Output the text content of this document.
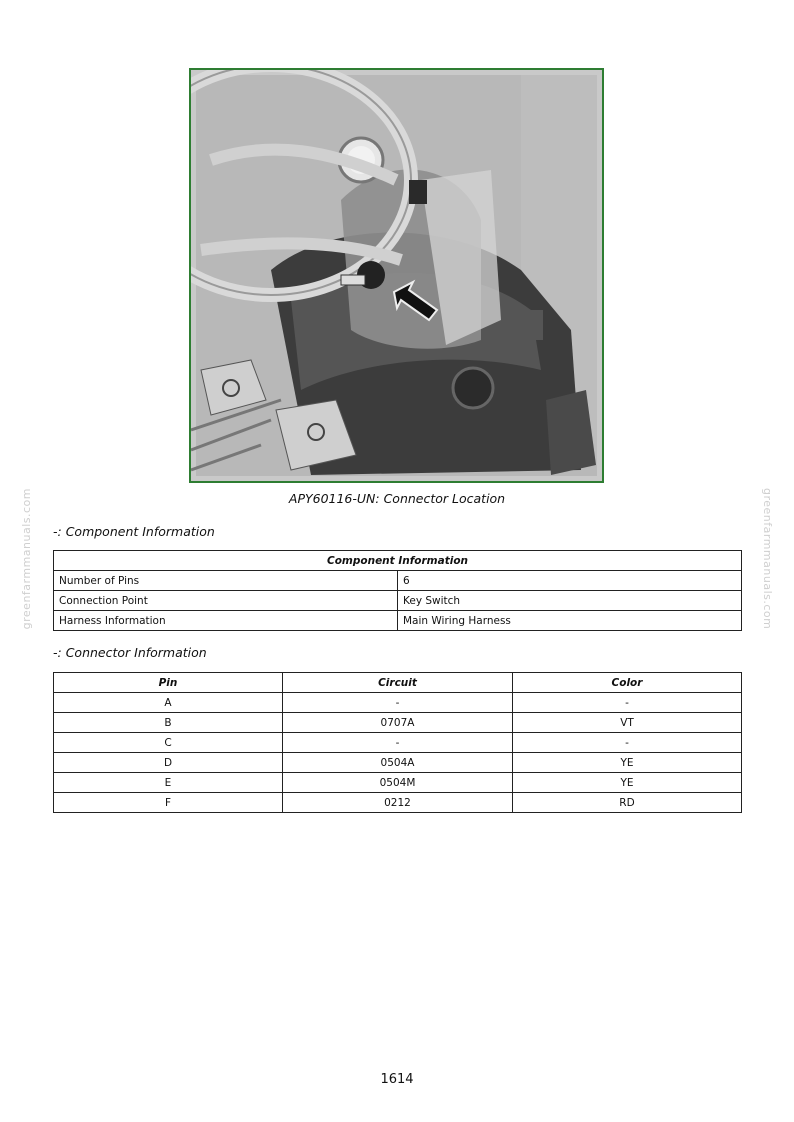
greenfarmmanuals.com	greenfarmmanuals.com
APY60116-UN: Connector Location
-: Component Information
Component Information	
Number of Pins	6
Connection Point	Key Switch
Harness Information	Main Wiring Harness
-: Connector Information
Pin	Circuit	Color
A	-	-
B	0707A	VT
C	-	-
D	0504A	YE
E	0504M	YE
F	0212	RD
1614
